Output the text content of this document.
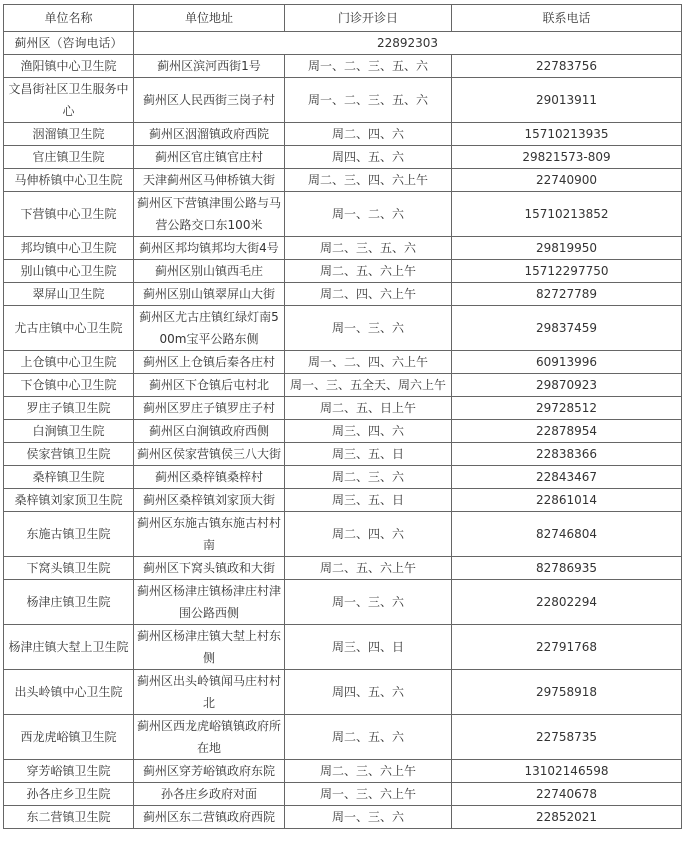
单位名称	单位地址	门诊开诊日	联系电话
蓟州区（咨询电话）	22892303		
渔阳镇中心卫生院	蓟州区滨河西街1号	周一、二、三、五、六	22783756
文昌街社区卫生服务中心	蓟州区人民西街三岗子村	周一、二、三、五、六	29013911
洇溜镇卫生院	蓟州区洇溜镇政府西院	周二、四、六	15710213935
官庄镇卫生院	蓟州区官庄镇官庄村	周四、五、六	29821573-809
马伸桥镇中心卫生院	天津蓟州区马伸桥镇大街	周二、三、四、六上午	22740900
下营镇中心卫生院	蓟州区下营镇津围公路与马营公路交口东100米	周一、二、六	15710213852
邦均镇中心卫生院	蓟州区邦均镇邦均大街4号	周二、三、五、六	29819950
别山镇中心卫生院	蓟州区别山镇西毛庄	周二、五、六上午	15712297750
翠屏山卫生院	蓟州区别山镇翠屏山大街	周二、四、六上午	82727789
尤古庄镇中心卫生院	蓟州区尤古庄镇红绿灯南500m宝平公路东侧	周一、三、六	29837459
上仓镇中心卫生院	蓟州区上仓镇后秦各庄村	周一、二、四、六上午	60913996
下仓镇中心卫生院	蓟州区下仓镇后屯村北	周一、三、五全天、周六上午	29870923
罗庄子镇卫生院	蓟州区罗庄子镇罗庄子村	周二、五、日上午	29728512
白涧镇卫生院	蓟州区白涧镇政府西侧	周三、四、六	22878954
侯家营镇卫生院	蓟州区侯家营镇侯三八大街	周三、五、日	22838366
桑梓镇卫生院	蓟州区桑梓镇桑梓村	周二、三、六	22843467
桑梓镇刘家顶卫生院	蓟州区桑梓镇刘家顶大街	周三、五、日	22861014
东施古镇卫生院	蓟州区东施古镇东施古村村南	周二、四、六	82746804
下窝头镇卫生院	蓟州区下窝头镇政和大街	周二、五、六上午	82786935
杨津庄镇卫生院	蓟州区杨津庄镇杨津庄村津围公路西侧	周一、三、六	22802294
杨津庄镇大堼上卫生院	蓟州区杨津庄镇大堼上村东侧	周三、四、日	22791768
出头岭镇中心卫生院	蓟州区出头岭镇闻马庄村村北	周四、五、六	29758918
西龙虎峪镇卫生院	蓟州区西龙虎峪镇镇政府所在地	周二、五、六	22758735
穿芳峪镇卫生院	蓟州区穿芳峪镇政府东院	周二、三、六上午	13102146598
孙各庄乡卫生院	孙各庄乡政府对面	周一、三、六上午	22740678
东二营镇卫生院	蓟州区东二营镇政府西院	周一、三、六	22852021
